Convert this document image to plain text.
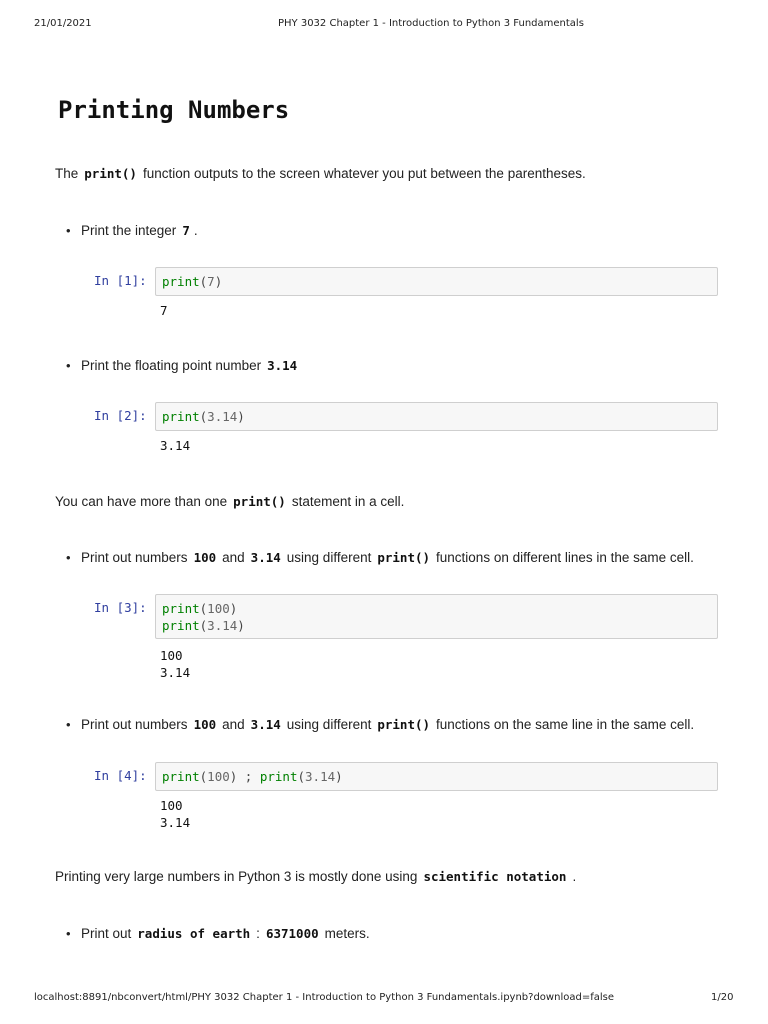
21/01/2021	PHY 3032 Chapter 1 - Introduction to Python 3 Fundamentals
Printing Numbers
The print() function outputs to the screen whatever you put between the parentheses.
• Print the integer 7 .
In [1]:	print(7)
7
• Print the floating point number 3.14
In [2]:	print(3.14)
3.14
You can have more than one print() statement in a cell.
• Print out numbers 100 and 3.14 using different print() functions on different lines in the same cell.
In [3]:	print(100)
print(3.14)
100
3.14
• Print out numbers 100 and 3.14 using different print() functions on the same line in the same cell.
In [4]:	print(100) ; print(3.14)
100
3.14
Printing very large numbers in Python 3 is mostly done using scientific notation .
• Print out radius of earth : 6371000 meters.
localhost:8891/nbconvert/html/PHY 3032 Chapter 1 - Introduction to Python 3 Fundamentals.ipynb?download=false	1/20
